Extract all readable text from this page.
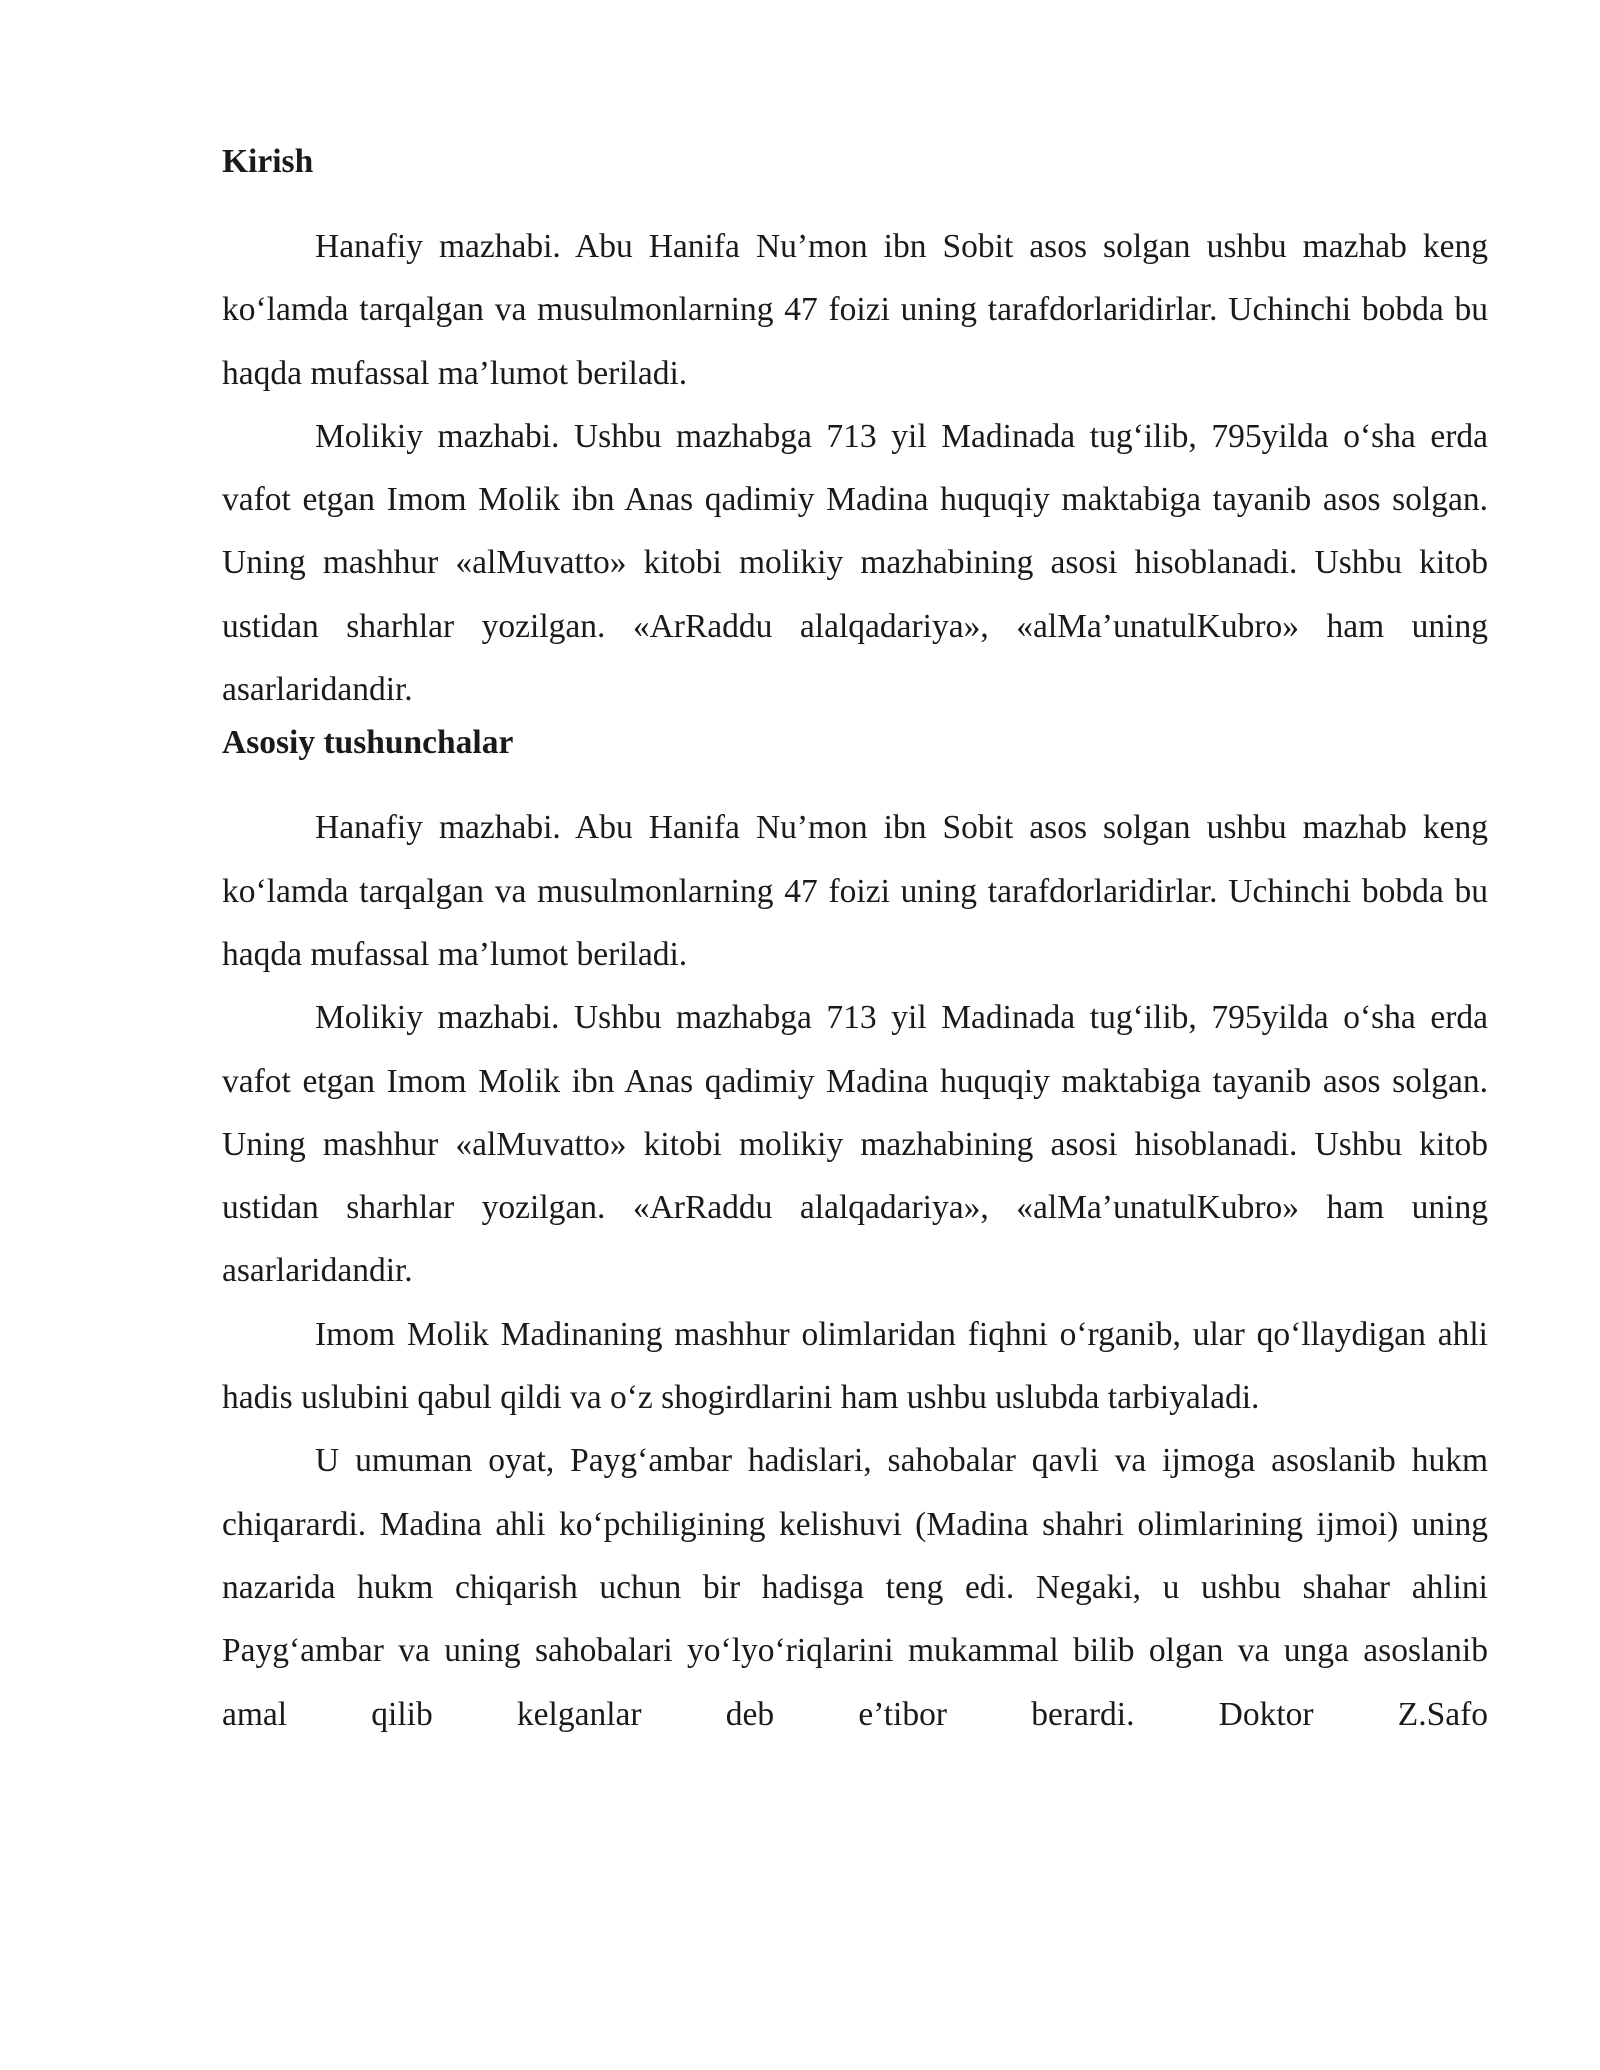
Kirish

Hanafiy mazhabi. Abu Hanifa Nu’mon ibn Sobit asos solgan ushbu mazhab keng ko‘lamda tarqalgan va musulmonlarning 47 foizi uning tarafdorlaridirlar. Uchinchi bobda bu haqda mufassal ma’lumot beriladi.

Molikiy mazhabi. Ushbu mazhabga 713 yil Madinada tug‘ilib, 795yilda o‘sha erda vafot etgan Imom Molik ibn Anas qadimiy Madina huquqiy maktabiga tayanib asos solgan. Uning mashhur «alMuvatto» kitobi molikiy mazhabining asosi hisoblanadi. Ushbu kitob ustidan sharhlar yozilgan. «ArRaddu alalqadariya», «alMa’unatulKubro» ham uning asarlaridandir.

Asosiy tushunchalar

Hanafiy mazhabi. Abu Hanifa Nu’mon ibn Sobit asos solgan ushbu mazhab keng ko‘lamda tarqalgan va musulmonlarning 47 foizi uning tarafdorlaridirlar. Uchinchi bobda bu haqda mufassal ma’lumot beriladi.

Molikiy mazhabi. Ushbu mazhabga 713 yil Madinada tug‘ilib, 795yilda o‘sha erda vafot etgan Imom Molik ibn Anas qadimiy Madina huquqiy maktabiga tayanib asos solgan. Uning mashhur «alMuvatto» kitobi molikiy mazhabining asosi hisoblanadi. Ushbu kitob ustidan sharhlar yozilgan. «ArRaddu alalqadariya», «alMa’unatulKubro» ham uning asarlaridandir.

Imom Molik Madinaning mashhur olimlaridan fiqhni o‘rganib, ular qo‘llaydigan ahli hadis uslubini qabul qildi va o‘z shogirdlarini ham ushbu uslubda tarbiyaladi.

U umuman oyat, Payg‘ambar hadislari, sahobalar qavli va ijmoga asoslanib hukm chiqarardi. Madina ahli ko‘pchiligining kelishuvi (Madina shahri olimlarining ijmoi) uning nazarida hukm chiqarish uchun bir hadisga teng edi. Negaki, u ushbu shahar ahlini Payg‘ambar va uning sahobalari yo‘lyo‘riqlarini mukammal bilib olgan va unga asoslanib amal qilib kelganlar deb e’tibor berardi. Doktor Z.Safo
